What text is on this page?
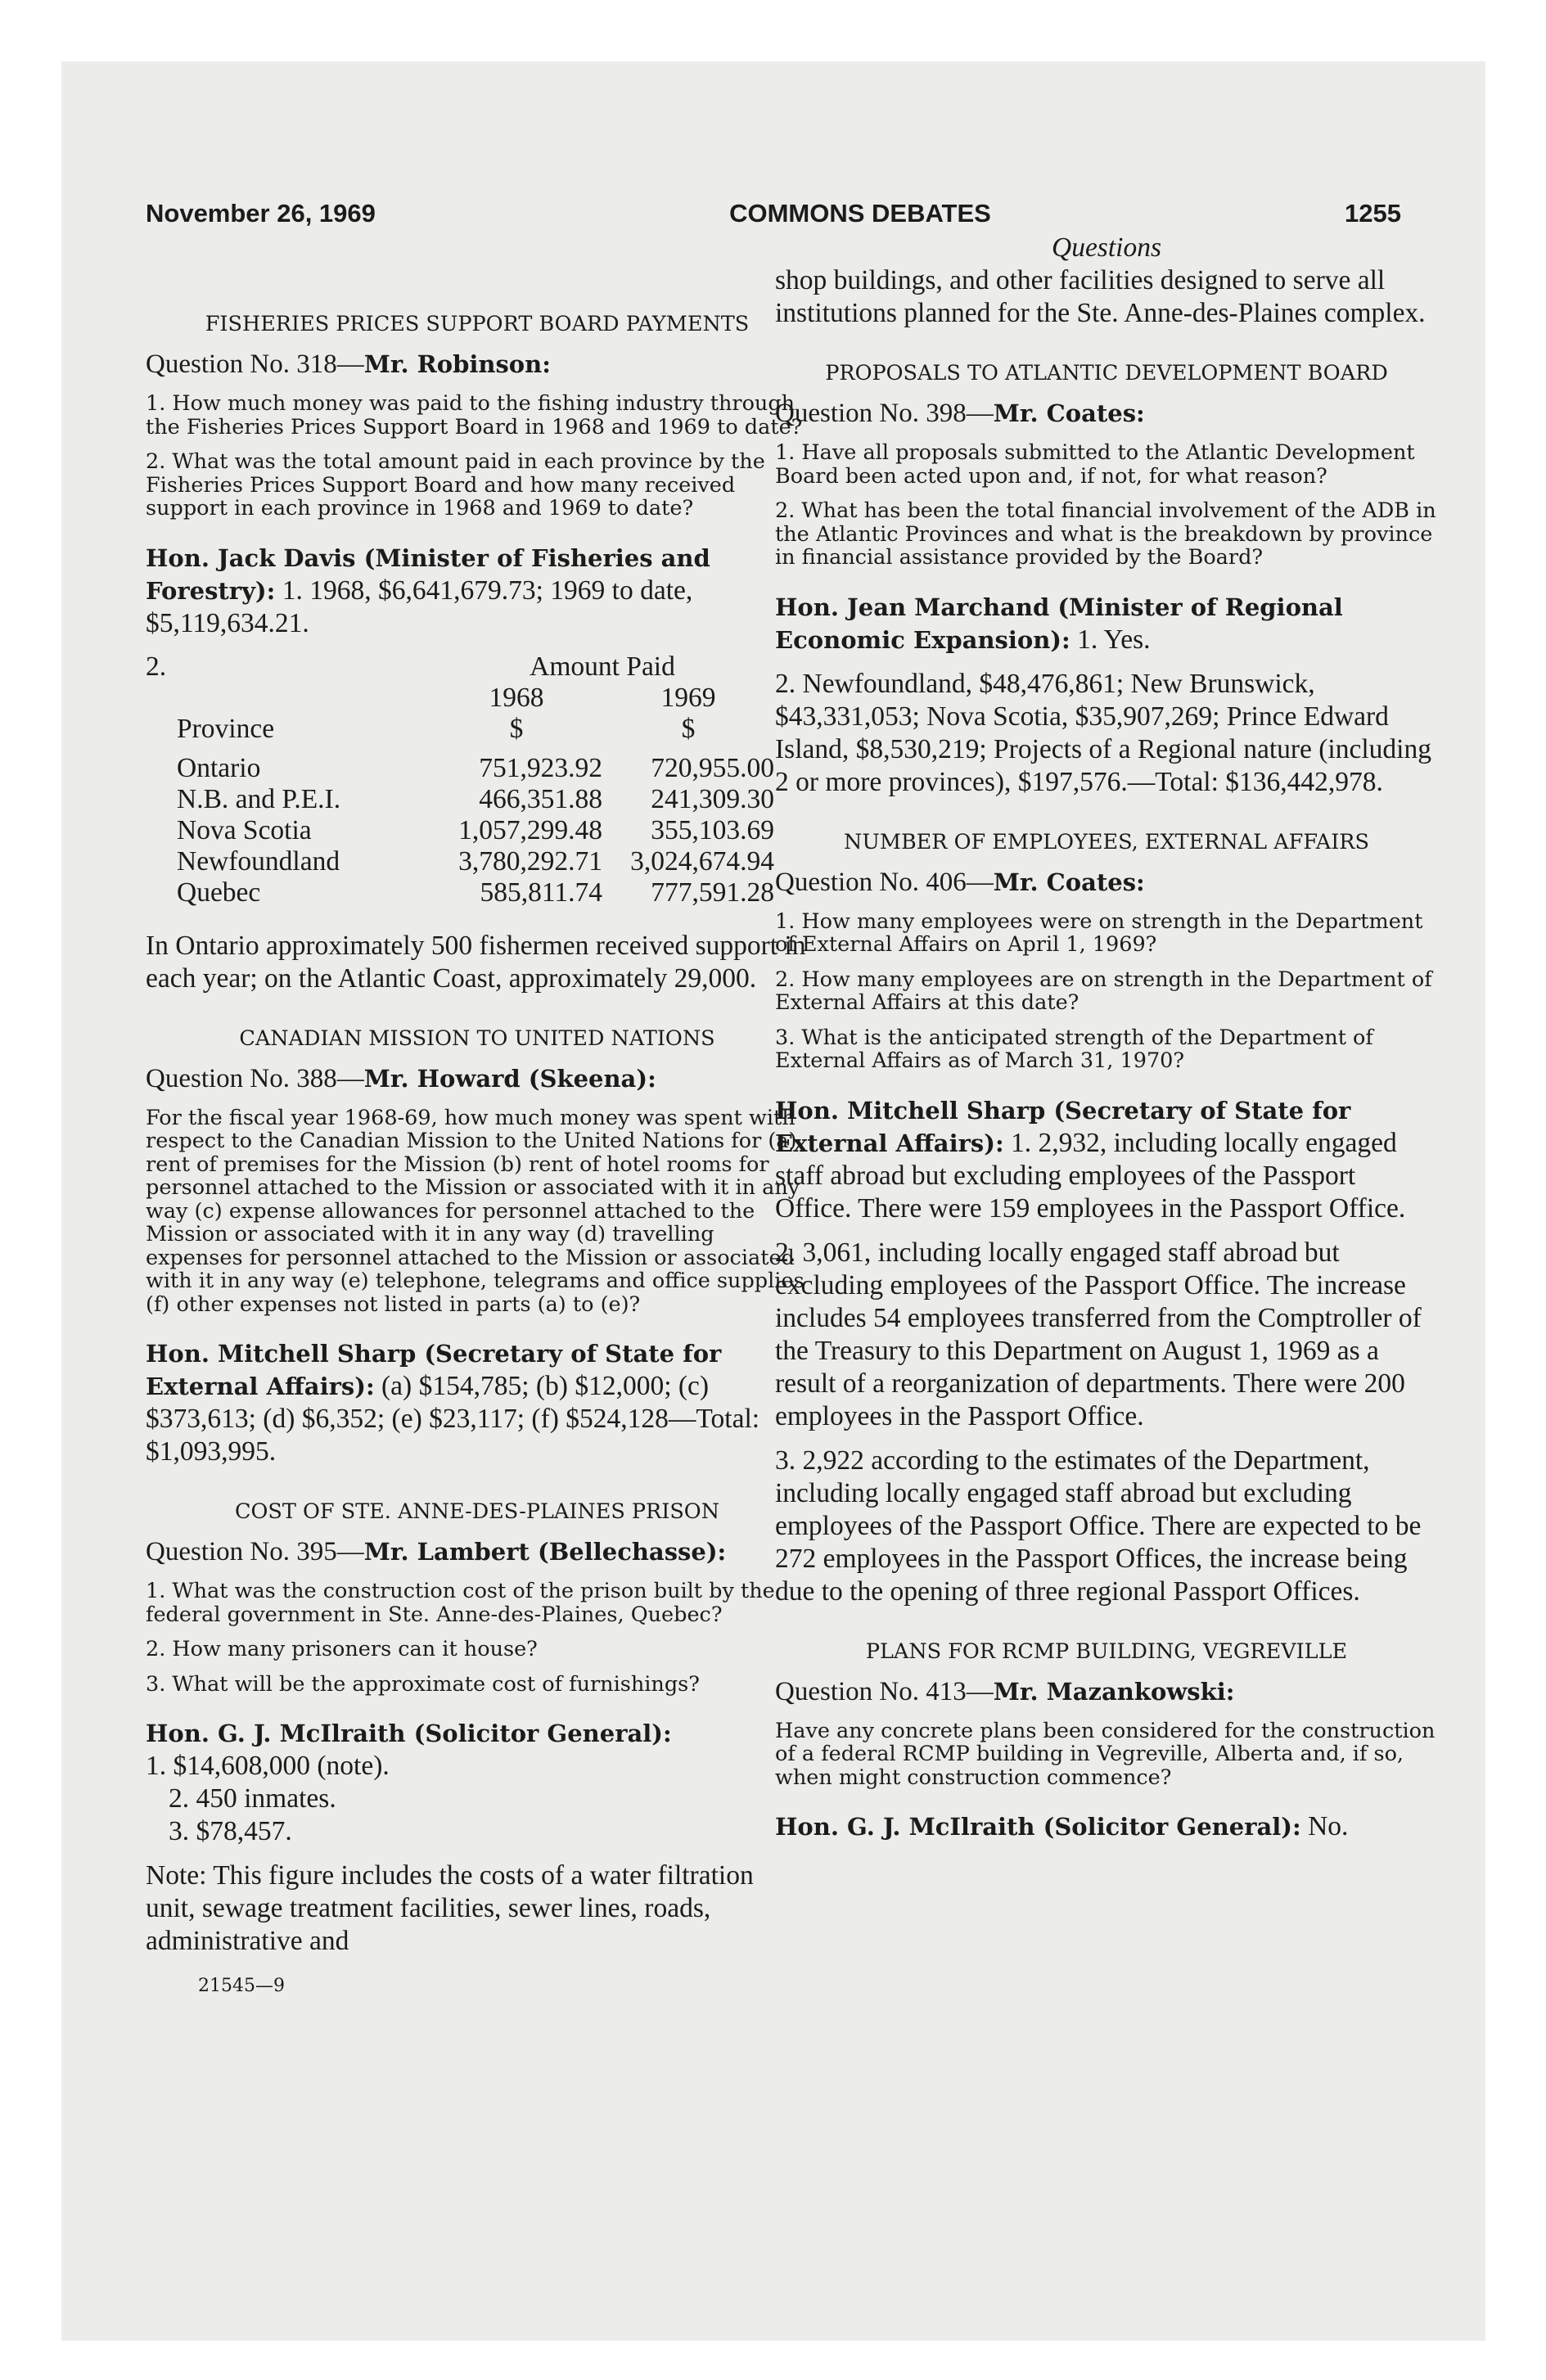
November 26, 1969	COMMONS DEBATES	1255

FISHERIES PRICES SUPPORT BOARD PAYMENTS

Question No. 318—Mr. Robinson:

1. How much money was paid to the fishing industry through the Fisheries Prices Support Board in 1968 and 1969 to date?

2. What was the total amount paid in each province by the Fisheries Prices Support Board and how many received support in each province in 1968 and 1969 to date?

Hon. Jack Davis (Minister of Fisheries and Forestry): 1. 1968, $6,641,679.73; 1969 to date, $5,119,634.21.

2.	Amount Paid
	1968	1969
Province	$	$

Ontario	751,923.92	720,955.00
N.B. and P.E.I.	466,351.88	241,309.30
Nova Scotia	1,057,299.48	355,103.69
Newfoundland	3,780,292.71	3,024,674.94
Quebec	585,811.74	777,591.28

In Ontario approximately 500 fishermen received support in each year; on the Atlantic Coast, approximately 29,000.

CANADIAN MISSION TO UNITED NATIONS

Question No. 388—Mr. Howard (Skeena):

For the fiscal year 1968-69, how much money was spent with respect to the Canadian Mission to the United Nations for (a) rent of premises for the Mission (b) rent of hotel rooms for personnel attached to the Mission or associated with it in any way (c) expense allowances for personnel attached to the Mission or associated with it in any way (d) travelling expenses for personnel attached to the Mission or associated with it in any way (e) telephone, telegrams and office supplies (f) other expenses not listed in parts (a) to (e)?

Hon. Mitchell Sharp (Secretary of State for External Affairs): (a) $154,785; (b) $12,000; (c) $373,613; (d) $6,352; (e) $23,117; (f) $524,128—Total: $1,093,995.

COST OF STE. ANNE-DES-PLAINES PRISON

Question No. 395—Mr. Lambert (Bellechasse):

1. What was the construction cost of the prison built by the federal government in Ste. Anne-des-Plaines, Quebec?

2. How many prisoners can it house?

3. What will be the approximate cost of furnishings?

Hon. G. J. McIlraith (Solicitor General):

1. $14,608,000 (note).

2. 450 inmates.

3. $78,457.

Note: This figure includes the costs of a water filtration unit, sewage treatment facilities, sewer lines, roads, administrative and

21545—9

Questions

shop buildings, and other facilities designed to serve all institutions planned for the Ste. Anne-des-Plaines complex.

PROPOSALS TO ATLANTIC DEVELOPMENT BOARD

Question No. 398—Mr. Coates:

1. Have all proposals submitted to the Atlantic Development Board been acted upon and, if not, for what reason?

2. What has been the total financial involvement of the ADB in the Atlantic Provinces and what is the breakdown by province in financial assistance provided by the Board?

Hon. Jean Marchand (Minister of Regional Economic Expansion): 1. Yes.

2. Newfoundland, $48,476,861; New Brunswick, $43,331,053; Nova Scotia, $35,907,269; Prince Edward Island, $8,530,219; Projects of a Regional nature (including 2 or more provinces), $197,576.—Total: $136,442,978.

NUMBER OF EMPLOYEES, EXTERNAL AFFAIRS

Question No. 406—Mr. Coates:

1. How many employees were on strength in the Department of External Affairs on April 1, 1969?

2. How many employees are on strength in the Department of External Affairs at this date?

3. What is the anticipated strength of the Department of External Affairs as of March 31, 1970?

Hon. Mitchell Sharp (Secretary of State for External Affairs): 1. 2,932, including locally engaged staff abroad but excluding employees of the Passport Office. There were 159 employees in the Passport Office.

2. 3,061, including locally engaged staff abroad but excluding employees of the Passport Office. The increase includes 54 employees transferred from the Comptroller of the Treasury to this Department on August 1, 1969 as a result of a reorganization of departments. There were 200 employees in the Passport Office.

3. 2,922 according to the estimates of the Department, including locally engaged staff abroad but excluding employees of the Passport Office. There are expected to be 272 employees in the Passport Offices, the increase being due to the opening of three regional Passport Offices.

PLANS FOR RCMP BUILDING, VEGREVILLE

Question No. 413—Mr. Mazankowski:

Have any concrete plans been considered for the construction of a federal RCMP building in Vegreville, Alberta and, if so, when might construction commence?

Hon. G. J. McIlraith (Solicitor General): No.
